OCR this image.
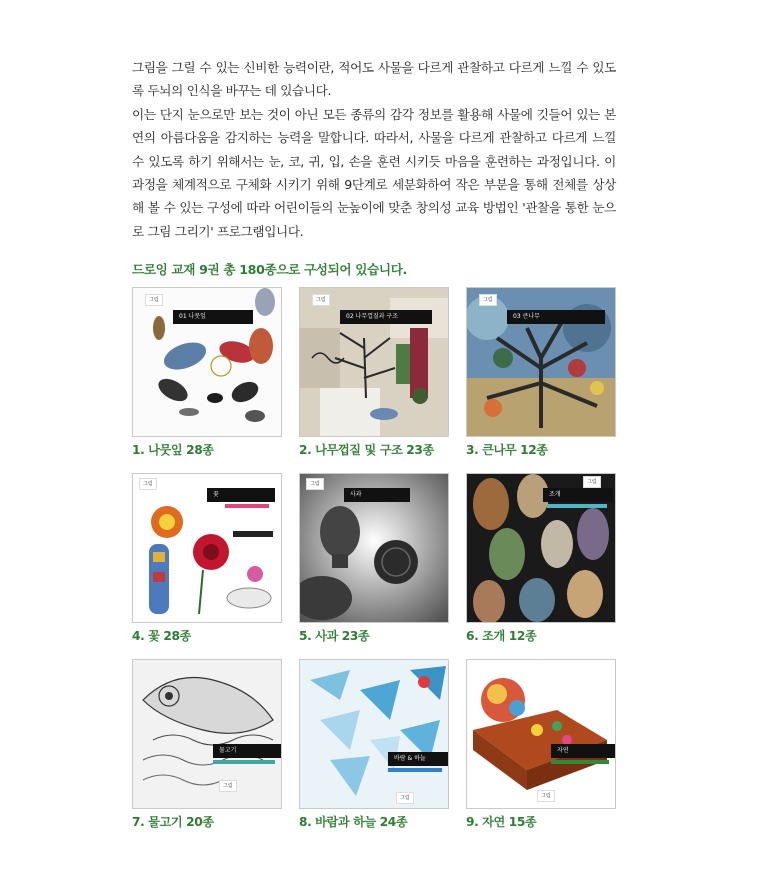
그림을 그릴 수 있는 신비한 능력이란, 적어도 사물을 다르게 관찰하고 다르게 느낄 수 있도록 두뇌의 인식을 바꾸는 데 있습니다.

이는 단지 눈으로만 보는 것이 아닌 모든 종류의 감각 정보를 활용해 사물에 깃들어 있는 본연의 아름다움을 감지하는 능력을 말합니다. 따라서, 사물을 다르게 관찰하고 다르게 느낄 수 있도록 하기 위해서는 눈, 코, 귀, 입, 손을 훈련 시키듯 마음을 훈련하는 과정입니다. 이 과정을 체계적으로 구체화 시키기 위해 9단계로 세분화하여 작은 부분을 통해 전체를 상상해 볼 수 있는 구성에 따라 어린이들의 눈높이에 맞춘 창의성 교육 방법인 '관찰을 통한 눈으로 그림 그리기' 프로그램입니다.

드로잉 교재 9권 총 180종으로 구성되어 있습니다.
01 나뭇잎
그림
1. 나뭇잎 28종
02 나무껍질과 구조
그림
2. 나무껍질 및 구조 23종
03 큰나무
그림
3. 큰나무 12종
꽃
그림
4. 꽃 28종
사과
그림
5. 사과 23종
조개
그림
6. 조개 12종
물고기
그림
7. 물고기 20종
바람 & 하늘
그림
8. 바람과 하늘 24종
자연
그림
9. 자연 15종
